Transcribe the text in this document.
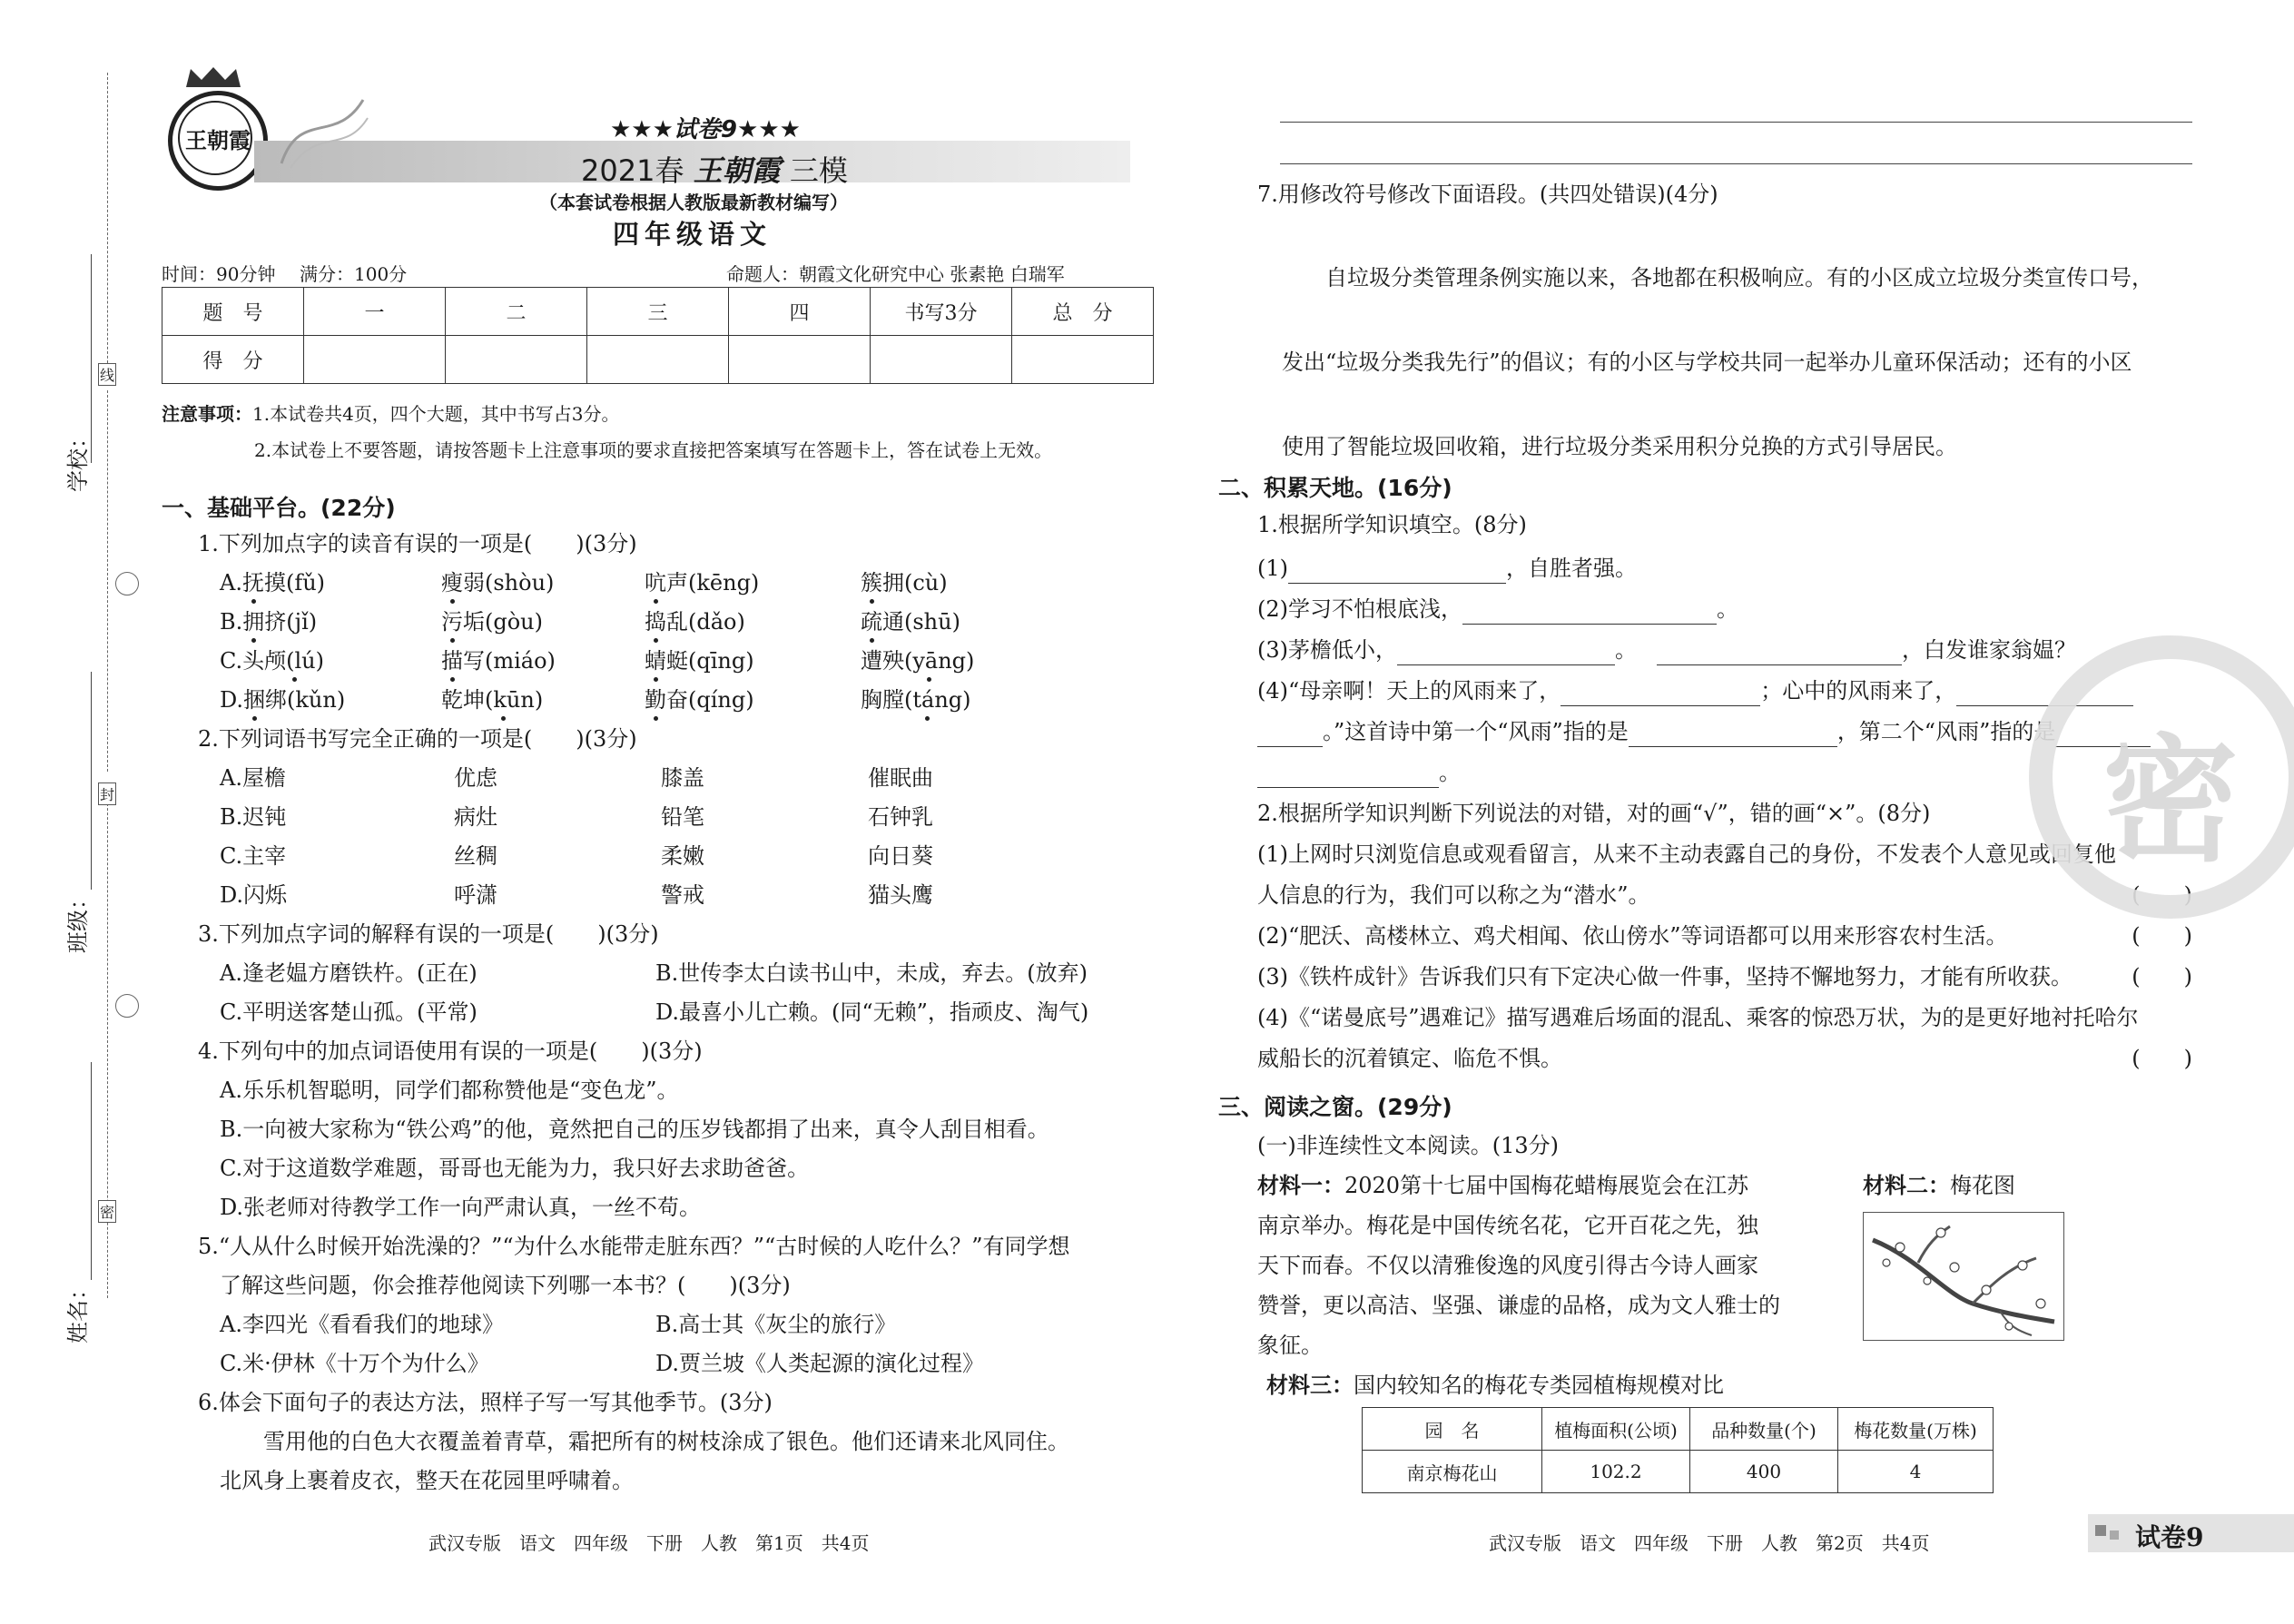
线
封
密
学校：
班级：
姓名：
王朝霞	★★★试卷9★★★
2021春 王朝霞 三模
（本套试卷根据人教版最新教材编写）
四年级语文
时间：90分钟 满分：100分	命题人：朝霞文化研究中心 张素艳 白瑞军
题　号	一	二	三	四	书写3分	总　分
得　分						
注意事项：1.本试卷共4页，四个大题，其中书写占3分。
2.本试卷上不要答题，请按答题卡上注意事项的要求直接把答案填写在答题卡上，答在试卷上无效。
一、基础平台。(22分)
1.下列加点字的读音有误的一项是(　　)(3分)
A.抚摸(fǔ)	瘦弱(shòu)	吭声(kēng)	簇拥(cù)
B.拥挤(jǐ)	污垢(gòu)	捣乱(dǎo)	疏通(shū)
C.头颅(lú)	描写(miáo)	蜻蜓(qīng)	遭殃(yāng)
D.捆绑(kǔn)	乾坤(kūn)	勤奋(qíng)	胸膛(táng)
2.下列词语书写完全正确的一项是(　　)(3分)
A.屋檐	优虑	膝盖	催眠曲
B.迟钝	病灶	铅笔	石钟乳
C.主宰	丝稠	柔嫩	向日葵
D.闪烁	呼潇	警戒	猫头鹰
3.下列加点字词的解释有误的一项是(　　)(3分)
A.逢老媪方磨铁杵。(正在)	B.世传李太白读书山中，未成，弃去。(放弃)
C.平明送客楚山孤。(平常)	D.最喜小儿亡赖。(同“无赖”，指顽皮、淘气)
4.下列句中的加点词语使用有误的一项是(　　)(3分)
A.乐乐机智聪明，同学们都称赞他是“变色龙”。
B.一向被大家称为“铁公鸡”的他，竟然把自己的压岁钱都捐了出来，真令人刮目相看。
C.对于这道数学难题，哥哥也无能为力，我只好去求助爸爸。
D.张老师对待教学工作一向严肃认真，一丝不苟。
5.“人从什么时候开始洗澡的？”“为什么水能带走脏东西？”“古时候的人吃什么？”有同学想
了解这些问题，你会推荐他阅读下列哪一本书？(　　)(3分)
A.李四光《看看我们的地球》	B.高士其《灰尘的旅行》
C.米·伊林《十万个为什么》	D.贾兰坡《人类起源的演化过程》
6.体会下面句子的表达方法，照样子写一写其他季节。(3分)
雪用他的白色大衣覆盖着青草，霜把所有的树枝涂成了银色。他们还请来北风同住。
北风身上裹着皮衣，整天在花园里呼啸着。
武汉专版　语文　四年级　下册　人教　第1页　共4页
7.用修改符号修改下面语段。(共四处错误)(4分)
自垃圾分类管理条例实施以来，各地都在积极响应。有的小区成立垃圾分类宣传口号，
发出“垃圾分类我先行”的倡议；有的小区与学校共同一起举办儿童环保活动；还有的小区
使用了智能垃圾回收箱，进行垃圾分类采用积分兑换的方式引导居民。
二、积累天地。(16分)
1.根据所学知识填空。(8分)
(1)	，自胜者强。
(2)学习不怕根底浅，	。
(3)茅檐低小，	。	，白发谁家翁媪？
(4)“母亲啊！天上的风雨来了，	；心中的风雨来了，
。”这首诗中第一个“风雨”指的是	，第二个“风雨”指的是
。
2.根据所学知识判断下列说法的对错，对的画“√”，错的画“×”。(8分)
(1)上网时只浏览信息或观看留言，从来不主动表露自己的身份，不发表个人意见或回复他
人信息的行为，我们可以称之为“潜水”。	(　　)
(2)“肥沃、高楼林立、鸡犬相闻、依山傍水”等词语都可以用来形容农村生活。	(　　)
(3)《铁杵成针》告诉我们只有下定决心做一件事，坚持不懈地努力，才能有所收获。	(　　)
(4)《“诺曼底号”遇难记》描写遇难后场面的混乱、乘客的惊恐万状，为的是更好地衬托哈尔
威船长的沉着镇定、临危不惧。	(　　)
三、阅读之窗。(29分)
(一)非连续性文本阅读。(13分)
材料一：2020第十七届中国梅花蜡梅展览会在江苏
南京举办。梅花是中国传统名花，它开百花之先，独
天下而春。不仅以清雅俊逸的风度引得古今诗人画家
赞誉，更以高洁、坚强、谦虚的品格，成为文人雅士的
象征。
材料二：梅花图
材料三：国内较知名的梅花专类园植梅规模对比
园　名	植梅面积(公顷)	品种数量(个)	梅花数量(万株)
南京梅花山	102.2	400	4
密
武汉专版　语文　四年级　下册　人教　第2页　共4页	试卷9
